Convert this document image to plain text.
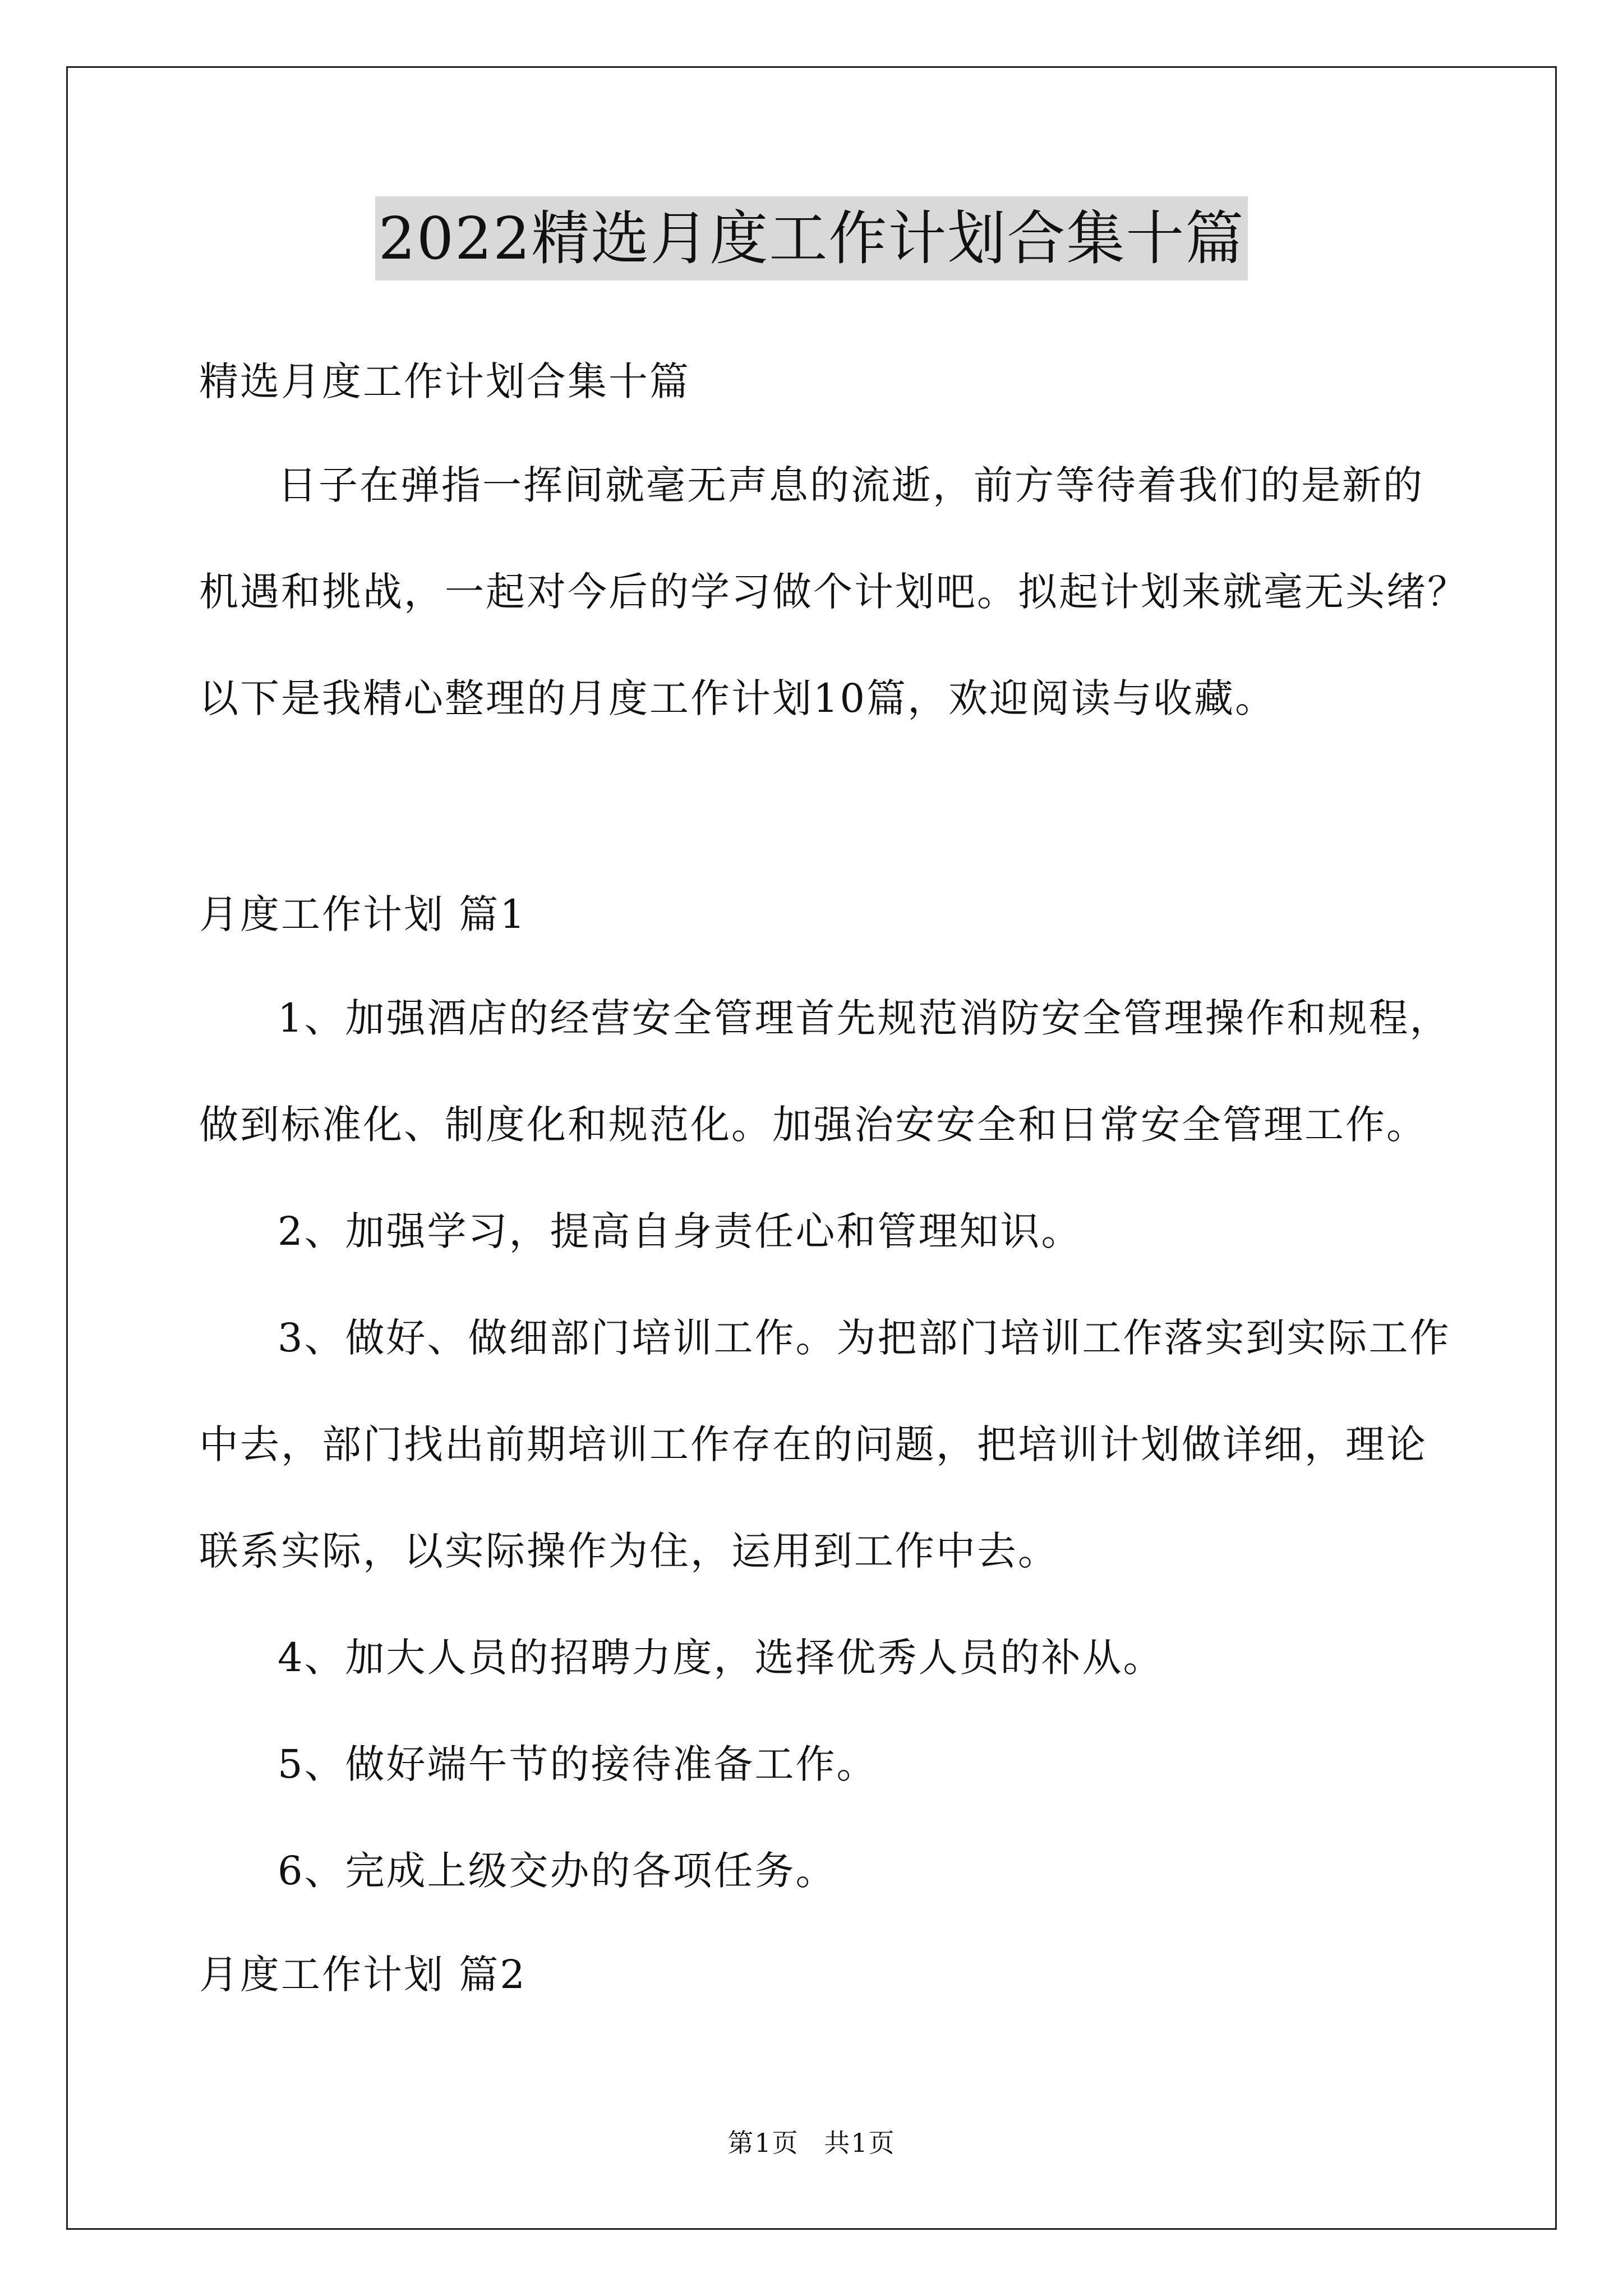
2022精选月度工作计划合集十篇
精选月度工作计划合集十篇
日子在弹指一挥间就毫无声息的流逝，前方等待着我们的是新的
机遇和挑战，一起对今后的学习做个计划吧。拟起计划来就毫无头绪？
以下是我精心整理的月度工作计划10篇，欢迎阅读与收藏。
月度工作计划 篇1
1、加强酒店的经营安全管理首先规范消防安全管理操作和规程，
做到标准化、制度化和规范化。加强治安安全和日常安全管理工作。
2、加强学习，提高自身责任心和管理知识。
3、做好、做细部门培训工作。为把部门培训工作落实到实际工作
中去，部门找出前期培训工作存在的问题，把培训计划做详细，理论
联系实际，以实际操作为住，运用到工作中去。
4、加大人员的招聘力度，选择优秀人员的补从。
5、做好端午节的接待准备工作。
6、完成上级交办的各项任务。
月度工作计划 篇2
第1页 共1页
